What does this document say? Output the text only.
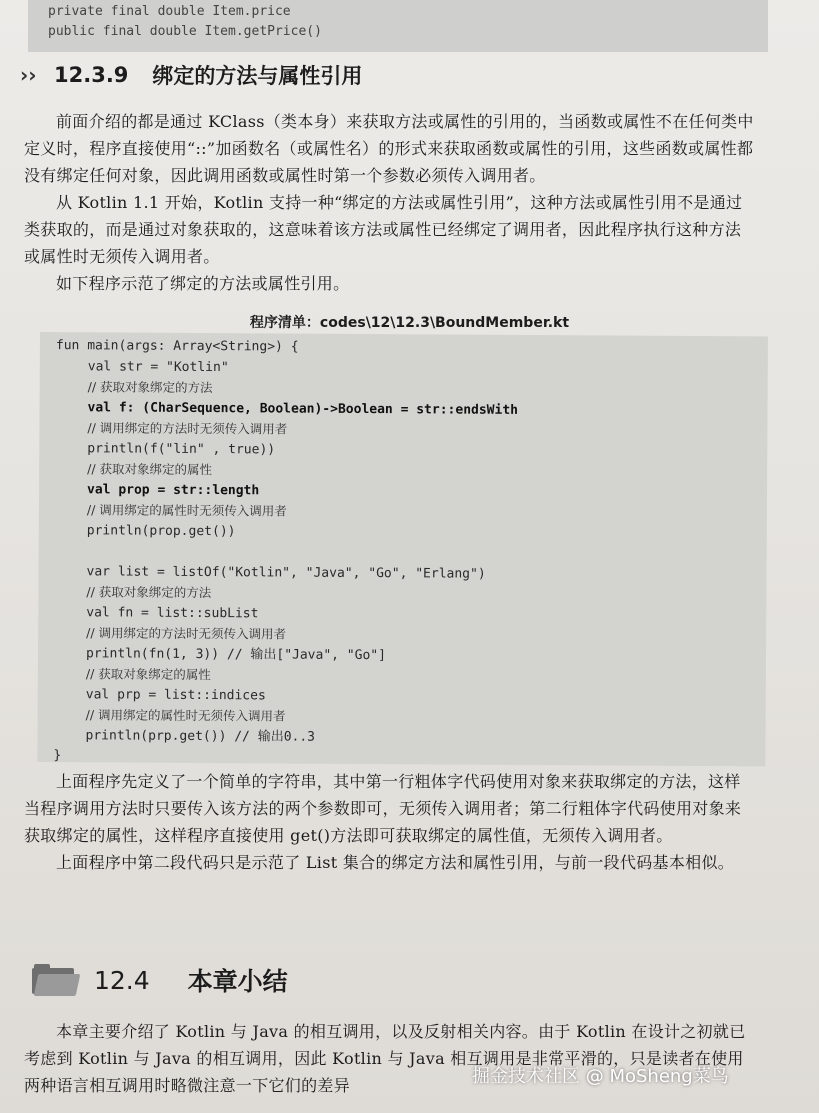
private final double Item.price
public final double Item.getPrice()
›› 12.3.9 绑定的方法与属性引用

前面介绍的都是通过 KClass（类本身）来获取方法或属性的引用的，当函数或属性不在任何类中定义时，程序直接使用“::”加函数名（或属性名）的形式来获取函数或属性的引用，这些函数或属性都没有绑定任何对象，因此调用函数或属性时第一个参数必须传入调用者。

从 Kotlin 1.1 开始，Kotlin 支持一种“绑定的方法或属性引用”，这种方法或属性引用不是通过类获取的，而是通过对象获取的，这意味着该方法或属性已经绑定了调用者，因此程序执行这种方法或属性时无须传入调用者。

如下程序示范了绑定的方法或属性引用。

程序清单：codes\12\12.3\BoundMember.kt
fun main(args: Array<String>) {
val str = "Kotlin"
// 获取对象绑定的方法
val f: (CharSequence, Boolean)->Boolean = str::endsWith
// 调用绑定的方法时无须传入调用者
println(f("lin" , true))
// 获取对象绑定的属性
val prop = str::length
// 调用绑定的属性时无须传入调用者
println(prop.get())
var list = listOf("Kotlin", "Java", "Go", "Erlang")
// 获取对象绑定的方法
val fn = list::subList
// 调用绑定的方法时无须传入调用者
println(fn(1, 3)) // 输出["Java", "Go"]
// 获取对象绑定的属性
val prp = list::indices
// 调用绑定的属性时无须传入调用者
println(prp.get()) // 输出0..3
}

上面程序先定义了一个简单的字符串，其中第一行粗体字代码使用对象来获取绑定的方法，这样当程序调用方法时只要传入该方法的两个参数即可，无须传入调用者；第二行粗体字代码使用对象来获取绑定的属性，这样程序直接使用 get()方法即可获取绑定的属性值，无须传入调用者。

上面程序中第二段代码只是示范了 List 集合的绑定方法和属性引用，与前一段代码基本相似。

12.4 本章小结

本章主要介绍了 Kotlin 与 Java 的相互调用，以及反射相关内容。由于 Kotlin 在设计之初就已考虑到 Kotlin 与 Java 的相互调用，因此 Kotlin 与 Java 相互调用是非常平滑的，只是读者在使用两种语言相互调用时略微注意一下它们的差异	掘金技术社区 @ MoSheng菜鸟
